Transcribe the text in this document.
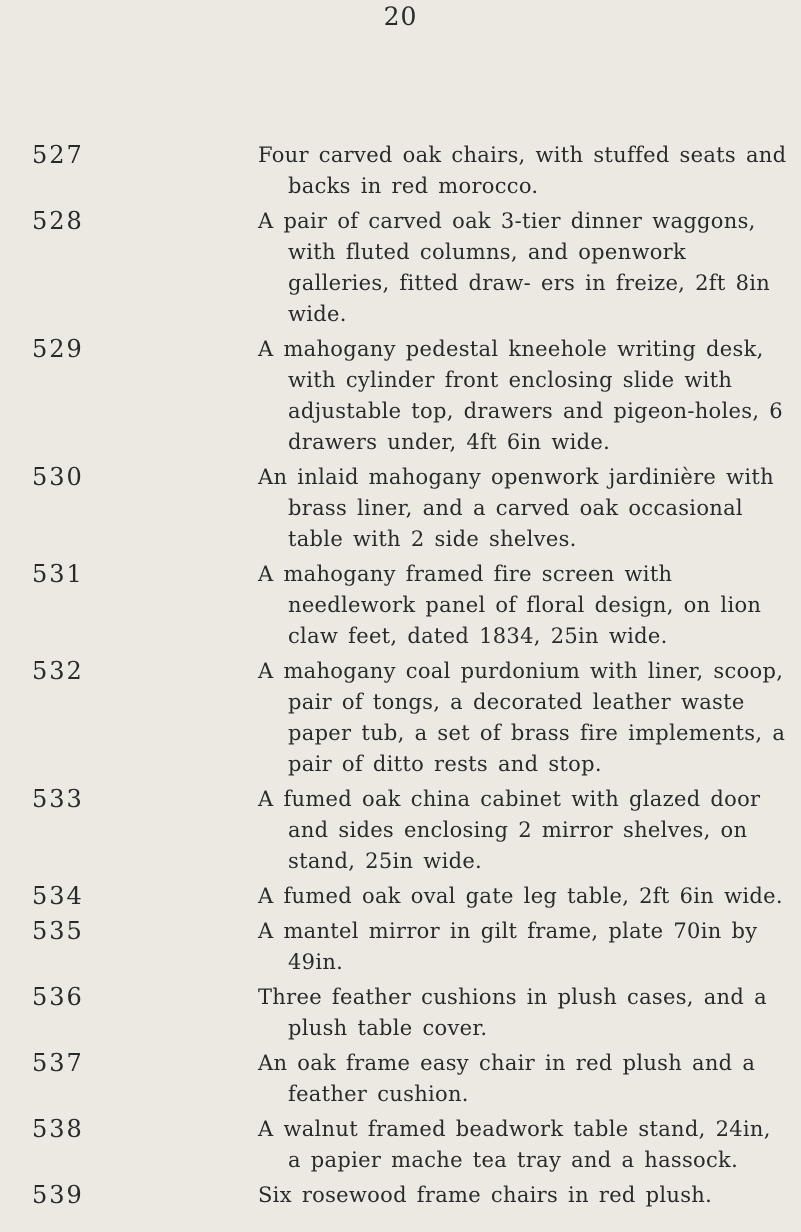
20
527	Four carved oak chairs, with stuffed seats and backs in red morocco.
528	A pair of carved oak 3-tier dinner waggons, with fluted columns, and openwork galleries, fitted draw- ers in freize, 2ft 8in wide.
529	A mahogany pedestal kneehole writing desk, with cylinder front enclosing slide with adjustable top, drawers and pigeon-holes, 6 drawers under, 4ft 6in wide.
530	An inlaid mahogany openwork jardinière with brass liner, and a carved oak occasional table with 2 side shelves.
531	A mahogany framed fire screen with needlework panel of floral design, on lion claw feet, dated 1834, 25in wide.
532	A mahogany coal purdonium with liner, scoop, pair of tongs, a decorated leather waste paper tub, a set of brass fire implements, a pair of ditto rests and stop.
533	A fumed oak china cabinet with glazed door and sides enclosing 2 mirror shelves, on stand, 25in wide.
534	A fumed oak oval gate leg table, 2ft 6in wide.
535	A mantel mirror in gilt frame, plate 70in by 49in.
536	Three feather cushions in plush cases, and a plush table cover.
537	An oak frame easy chair in red plush and a feather cushion.
538	A walnut framed beadwork table stand, 24in, a papier mache tea tray and a hassock.
539	Six rosewood frame chairs in red plush.
